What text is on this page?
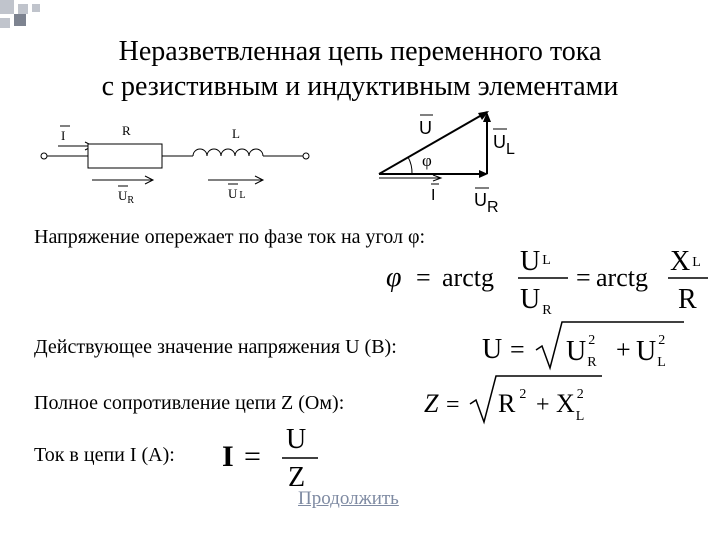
Неразветвленная цепь переменного тока
с резистивным и индуктивным элементами
I	R	L
$U_R$	U L
φ
U
UL
I UR
Напряжение опережает по фазе ток на угол φ:
φ = arctg
U $^L$
U $_R$
= arctg
X L
R
Действующее значение напряжения U (В):	U = U $^2$ R + U $^2$ L
Полное сопротивление цепи Z (Ом):	Z = R $^2$ + X $^2$ L
Ток в цепи I (А): I =
U
Z
Продолжить
